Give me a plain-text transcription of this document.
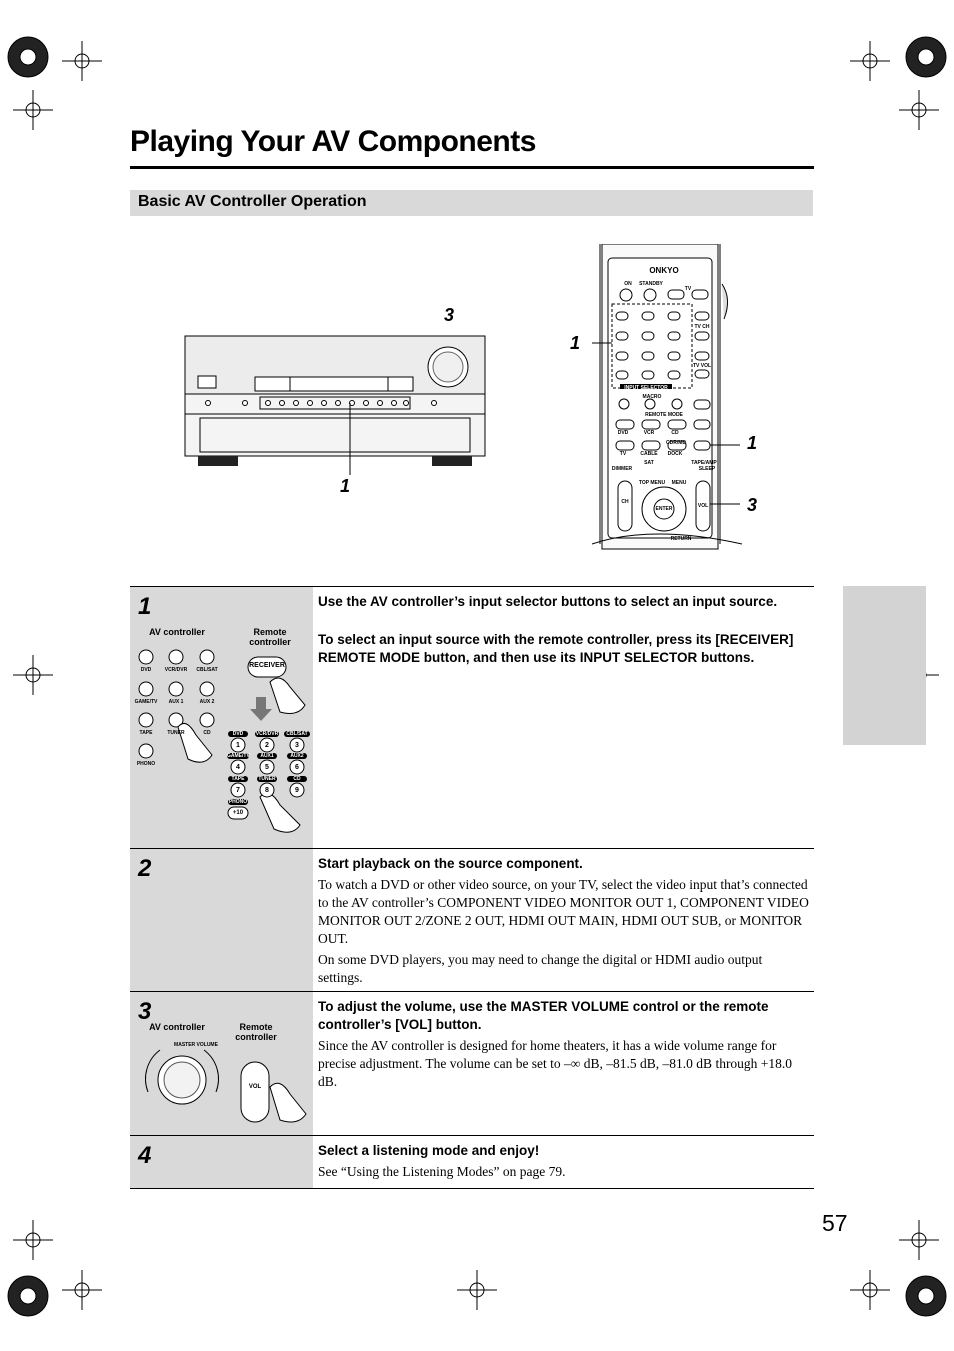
Playing Your AV Components
Basic AV Controller Operation
3
1
ONKYO
ON	STANDBY
TV
TV CH
TV VOL
INPUT SELECTOR
MACRO
REMOTE MODE
DVD	VCR	CD
CDR/MD
TV	CABLE
SAT
DOCK
TAPE/AMP
DIMMER	SLEEP
TOP MENU	MENU
CH
ENTER	VOL
RETURN
1
1
3
1
AV controller	Remote controller
RECEIVER
DVD	VCR/DVR	CBL/SAT
GAME/TV	AUX 1	AUX 2
TAPE	TUNER	CD
PHONO
DVD	VCR/DVR	CBL/SAT
GAME/TV	AUX1	AUX2
TAPE	TUNER	CD
PHONO
1	2	3
4	5	6
7	8	9
+10
Use the AV controller’s input selector buttons to select an input source.
To select an input source with the remote controller, press its [RECEIVER] REMOTE MODE button, and then use its INPUT SELECTOR buttons.
2	Start playback on the source component.
To watch a DVD or other video source, on your TV, select the video input that’s connected to the AV controller’s COMPONENT VIDEO MONITOR OUT 1, COMPONENT VIDEO MONITOR OUT 2/ZONE 2 OUT, HDMI OUT MAIN, HDMI OUT SUB, or MONITOR OUT.
On some DVD players, you may need to change the digital or HDMI audio output settings.
3
AV controller	Remote controller
MASTER VOLUME
VOL
To adjust the volume, use the MASTER VOLUME control or the remote controller’s [VOL] button.
Since the AV controller is designed for home theaters, it has a wide volume range for precise adjustment. The volume can be set to –∞ dB, –81.5 dB, –81.0 dB through +18.0 dB.
4	Select a listening mode and enjoy!
See “Using the Listening Modes” on page 79.
57
